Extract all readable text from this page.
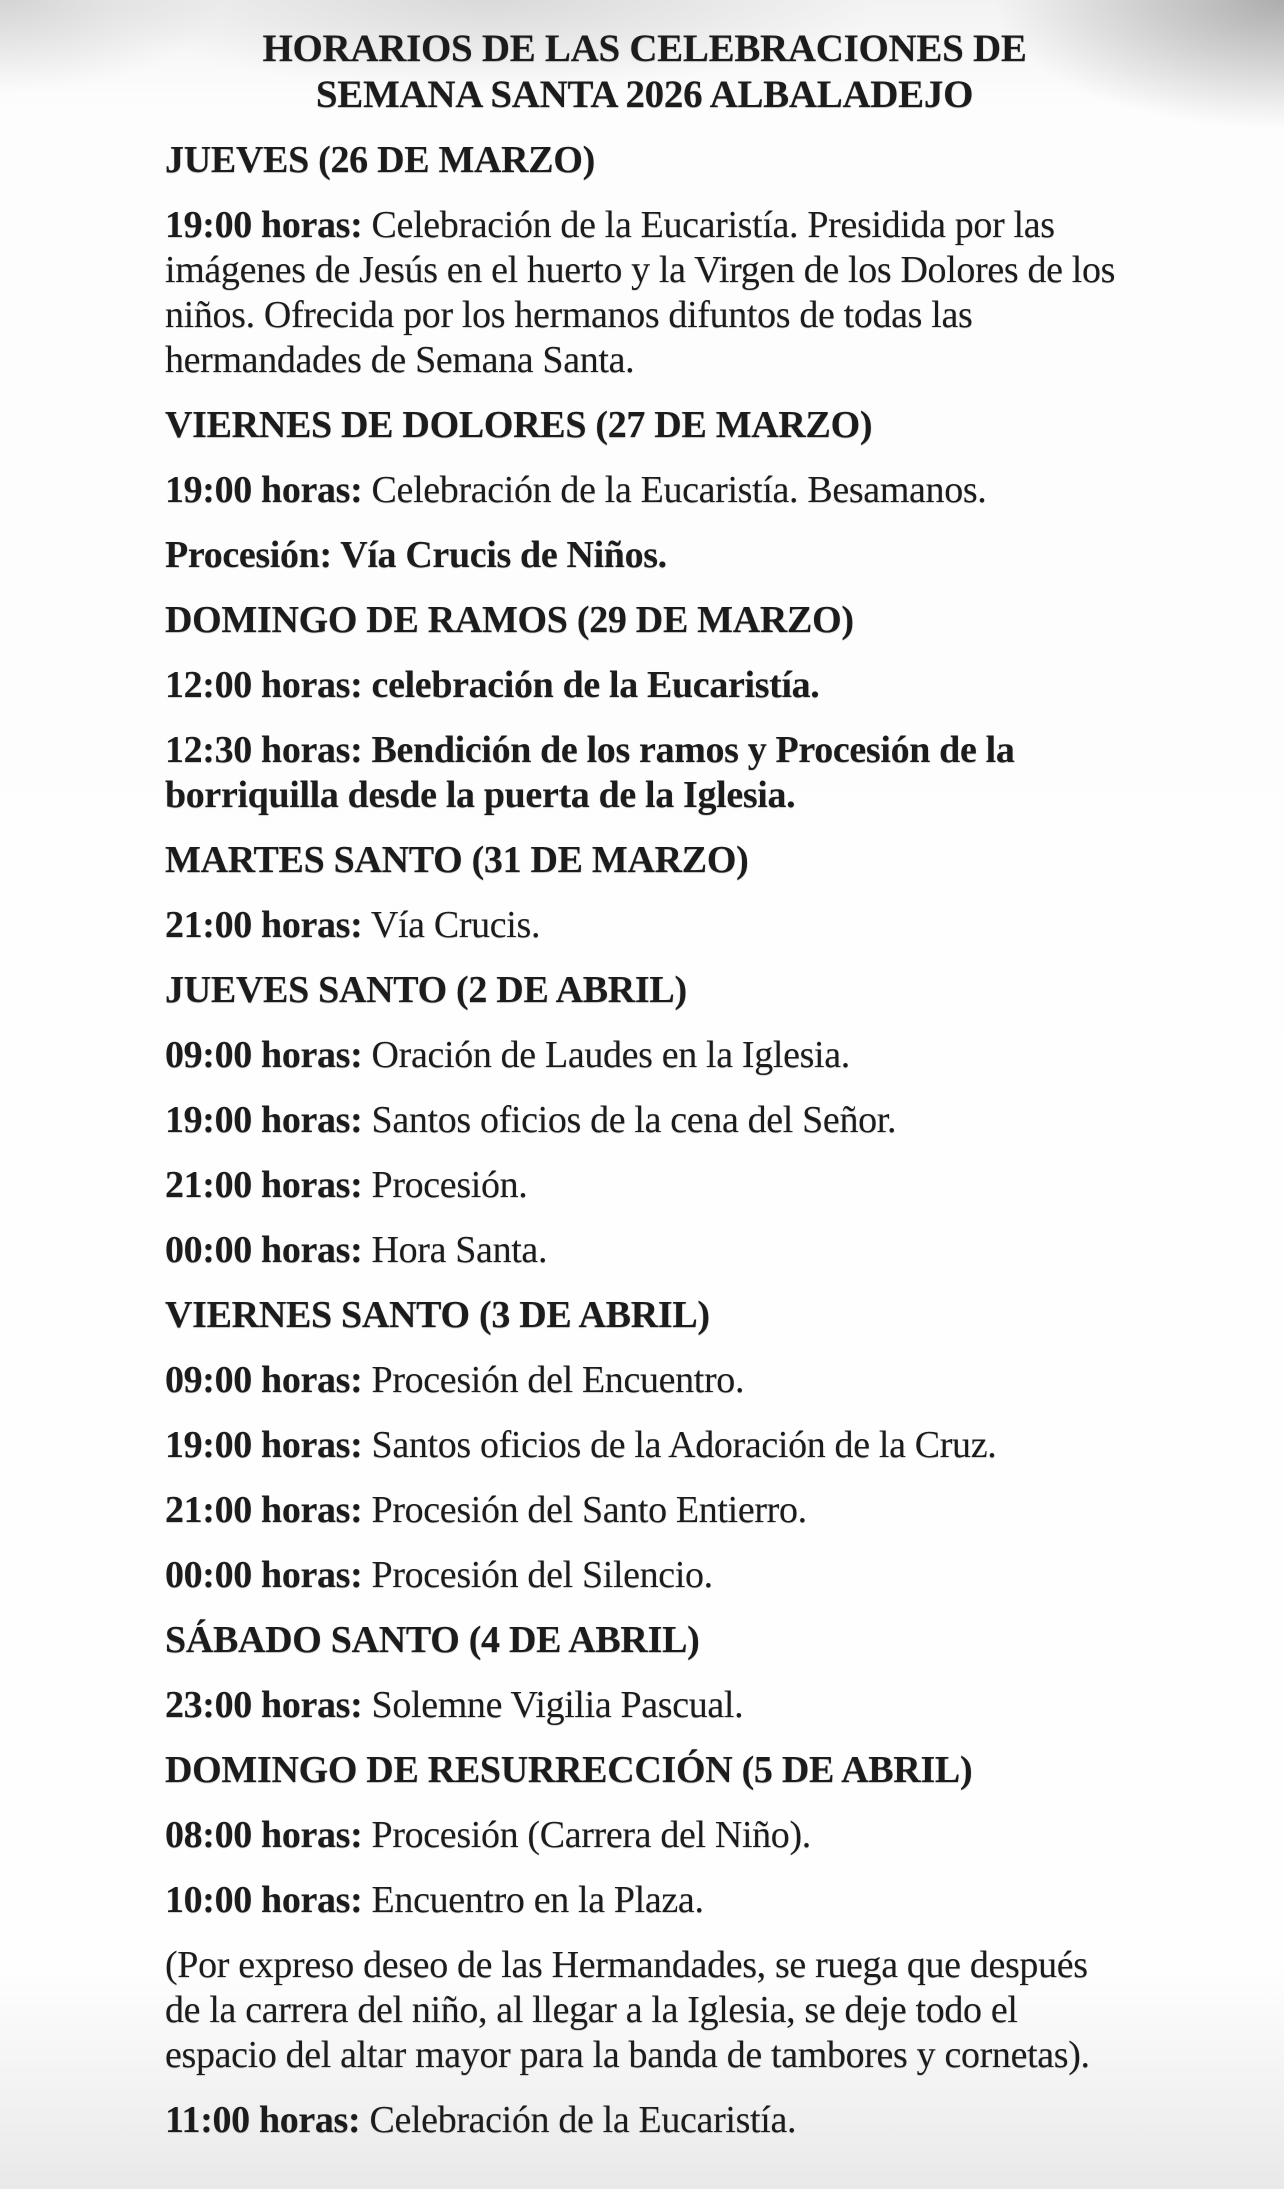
HORARIOS DE LAS CELEBRACIONES DE
SEMANA SANTA 2026 ALBALADEJO
JUEVES (26 DE MARZO)

19:00 horas: Celebración de la Eucaristía. Presidida por las imágenes de Jesús en el huerto y la Virgen de los Dolores de los niños. Ofrecida por los hermanos difuntos de todas las hermandades de Semana Santa.

VIERNES DE DOLORES (27 DE MARZO)

19:00 horas: Celebración de la Eucaristía. Besamanos.

Procesión: Vía Crucis de Niños.

DOMINGO DE RAMOS (29 DE MARZO)

12:00 horas: celebración de la Eucaristía.

12:30 horas: Bendición de los ramos y Procesión de la borriquilla desde la puerta de la Iglesia.

MARTES SANTO (31 DE MARZO)

21:00 horas: Vía Crucis.

JUEVES SANTO (2 DE ABRIL)

09:00 horas: Oración de Laudes en la Iglesia.

19:00 horas: Santos oficios de la cena del Señor.

21:00 horas: Procesión.

00:00 horas: Hora Santa.

VIERNES SANTO (3 DE ABRIL)

09:00 horas: Procesión del Encuentro.

19:00 horas: Santos oficios de la Adoración de la Cruz.

21:00 horas: Procesión del Santo Entierro.

00:00 horas: Procesión del Silencio.

SÁBADO SANTO (4 DE ABRIL)

23:00 horas: Solemne Vigilia Pascual.

DOMINGO DE RESURRECCIÓN (5 DE ABRIL)

08:00 horas: Procesión (Carrera del Niño).

10:00 horas: Encuentro en la Plaza.

(Por expreso deseo de las Hermandades, se ruega que después de la carrera del niño, al llegar a la Iglesia, se deje todo el espacio del altar mayor para la banda de tambores y cornetas).

11:00 horas: Celebración de la Eucaristía.
